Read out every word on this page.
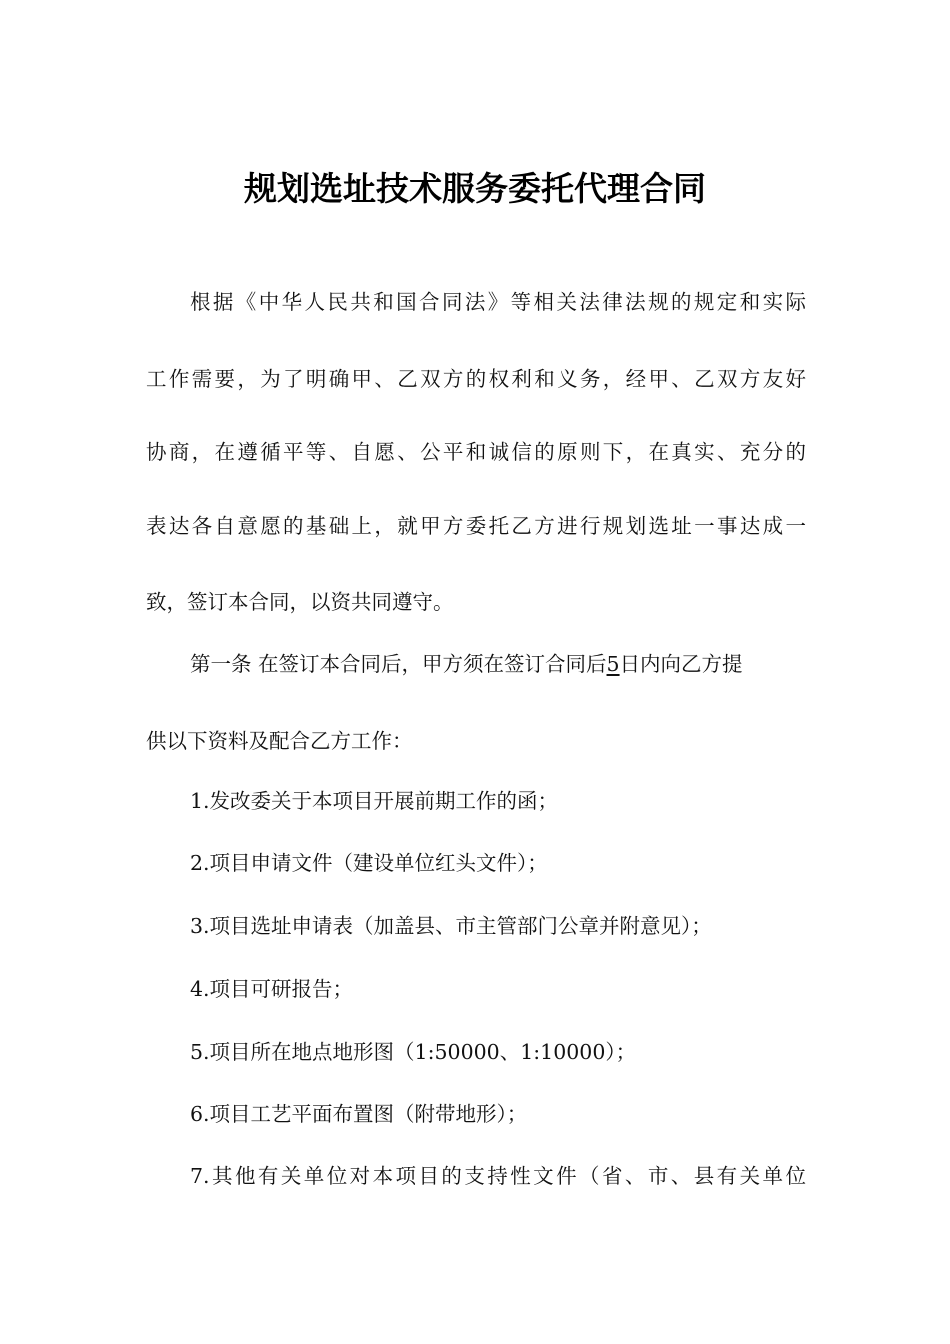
规划选址技术服务委托代理合同
根据《中华人民共和国合同法》等相关法律法规的规定和实际
工作需要，为了明确甲、乙双方的权利和义务，经甲、乙双方友好
协商，在遵循平等、自愿、公平和诚信的原则下，在真实、充分的
表达各自意愿的基础上，就甲方委托乙方进行规划选址一事达成一
致，签订本合同，以资共同遵守。
第一条 在签订本合同后，甲方须在签订合同后5日内向乙方提
供以下资料及配合乙方工作：
1.发改委关于本项目开展前期工作的函；
2.项目申请文件（建设单位红头文件）；
3.项目选址申请表（加盖县、市主管部门公章并附意见）；
4.项目可研报告；
5.项目所在地点地形图（1:50000、1:10000）；
6.项目工艺平面布置图（附带地形）；
7.其他有关单位对本项目的支持性文件（省、市、县有关单位
